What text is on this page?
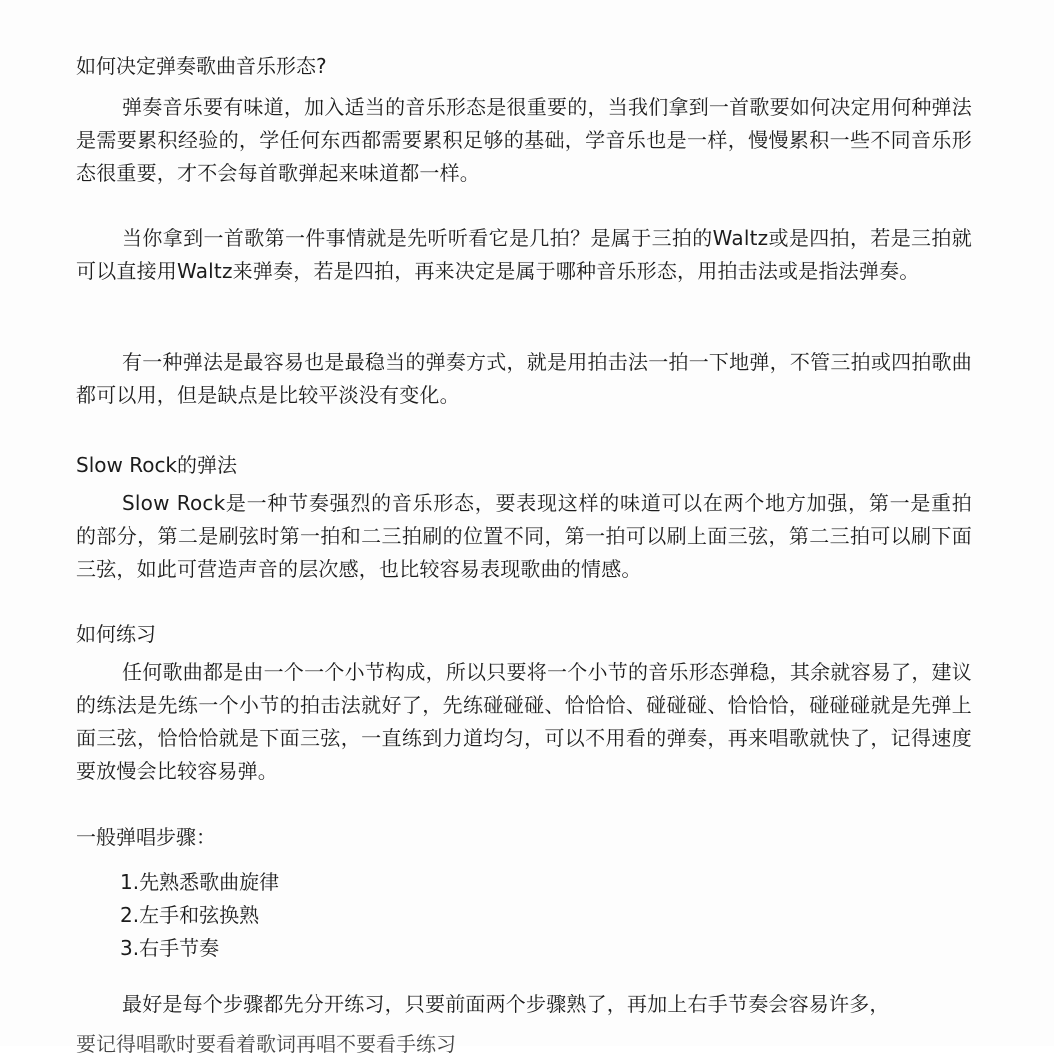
如何决定弹奏歌曲音乐形态?

弹奏音乐要有味道，加入适当的音乐形态是很重要的，当我们拿到一首歌要如何决定用何种弹法是需要累积经验的，学任何东西都需要累积足够的基础，学音乐也是一样，慢慢累积一些不同音乐形态很重要，才不会每首歌弹起来味道都一样。

当你拿到一首歌第一件事情就是先听听看它是几拍？是属于三拍的Waltz或是四拍，若是三拍就可以直接用Waltz来弹奏，若是四拍，再来决定是属于哪种音乐形态，用拍击法或是指法弹奏。

有一种弹法是最容易也是最稳当的弹奏方式，就是用拍击法一拍一下地弹，不管三拍或四拍歌曲都可以用，但是缺点是比较平淡没有变化。

Slow Rock的弹法

Slow Rock是一种节奏强烈的音乐形态，要表现这样的味道可以在两个地方加强，第一是重拍的部分，第二是刷弦时第一拍和二三拍刷的位置不同，第一拍可以刷上面三弦，第二三拍可以刷下面三弦，如此可营造声音的层次感，也比较容易表现歌曲的情感。

如何练习

任何歌曲都是由一个一个小节构成，所以只要将一个小节的音乐形态弹稳，其余就容易了，建议的练法是先练一个小节的拍击法就好了，先练碰碰碰、恰恰恰、碰碰碰、恰恰恰，碰碰碰就是先弹上面三弦，恰恰恰就是下面三弦，一直练到力道均匀，可以不用看的弹奏，再来唱歌就快了，记得速度要放慢会比较容易弹。

一般弹唱步骤：
1.先熟悉歌曲旋律
2.左手和弦换熟
3.右手节奏

最好是每个步骤都先分开练习，只要前面两个步骤熟了，再加上右手节奏会容易许多，

要记得唱歌时要看着歌词再唱不要看手练习
